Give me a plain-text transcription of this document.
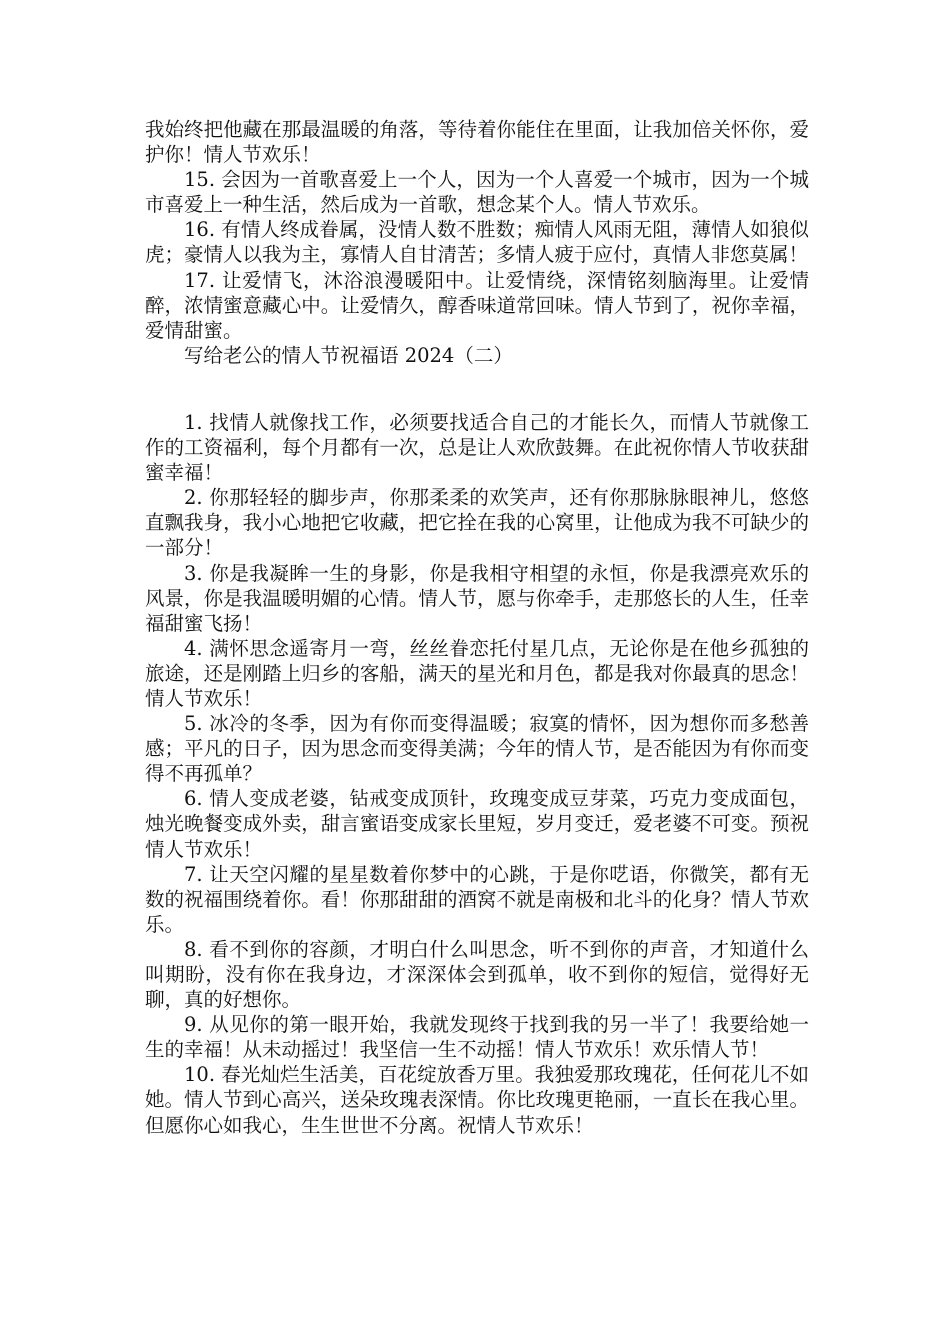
我始终把他藏在那最温暖的角落，等待着你能住在里面，让我加倍关怀你，爱护你！情人节欢乐！

15. 会因为一首歌喜爱上一个人，因为一个人喜爱一个城市，因为一个城市喜爱上一种生活，然后成为一首歌，想念某个人。情人节欢乐。

16. 有情人终成眷属，没情人数不胜数；痴情人风雨无阻，薄情人如狼似虎；豪情人以我为主，寡情人自甘清苦；多情人疲于应付，真情人非您莫属！

17. 让爱情飞，沐浴浪漫暖阳中。让爱情绕，深情铭刻脑海里。让爱情醉，浓情蜜意藏心中。让爱情久，醇香味道常回味。情人节到了，祝你幸福，爱情甜蜜。

写给老公的情人节祝福语 2024（二）

1. 找情人就像找工作，必须要找适合自己的才能长久，而情人节就像工作的工资福利，每个月都有一次，总是让人欢欣鼓舞。在此祝你情人节收获甜蜜幸福！

2. 你那轻轻的脚步声，你那柔柔的欢笑声，还有你那脉脉眼神儿，悠悠直飘我身，我小心地把它收藏，把它拴在我的心窝里，让他成为我不可缺少的一部分！

3. 你是我凝眸一生的身影，你是我相守相望的永恒，你是我漂亮欢乐的风景，你是我温暖明媚的心情。情人节，愿与你牵手，走那悠长的人生，任幸福甜蜜飞扬！

4. 满怀思念遥寄月一弯，丝丝眷恋托付星几点，无论你是在他乡孤独的旅途，还是刚踏上归乡的客船，满天的星光和月色，都是我对你最真的思念！情人节欢乐！

5. 冰冷的冬季，因为有你而变得温暖；寂寞的情怀，因为想你而多愁善感；平凡的日子，因为思念而变得美满；今年的情人节，是否能因为有你而变得不再孤单？

6. 情人变成老婆，钻戒变成顶针，玫瑰变成豆芽菜，巧克力变成面包，烛光晚餐变成外卖，甜言蜜语变成家长里短，岁月变迁，爱老婆不可变。预祝情人节欢乐！

7. 让天空闪耀的星星数着你梦中的心跳，于是你呓语，你微笑，都有无数的祝福围绕着你。看！你那甜甜的酒窝不就是南极和北斗的化身？情人节欢乐。

8. 看不到你的容颜，才明白什么叫思念，听不到你的声音，才知道什么叫期盼，没有你在我身边，才深深体会到孤单，收不到你的短信，觉得好无聊，真的好想你。

9. 从见你的第一眼开始，我就发现终于找到我的另一半了！我要给她一生的幸福！从未动摇过！我坚信一生不动摇！情人节欢乐！欢乐情人节！

10. 春光灿烂生活美，百花绽放香万里。我独爱那玫瑰花，任何花儿不如她。情人节到心高兴，送朵玫瑰表深情。你比玫瑰更艳丽，一直长在我心里。但愿你心如我心，生生世世不分离。祝情人节欢乐！
